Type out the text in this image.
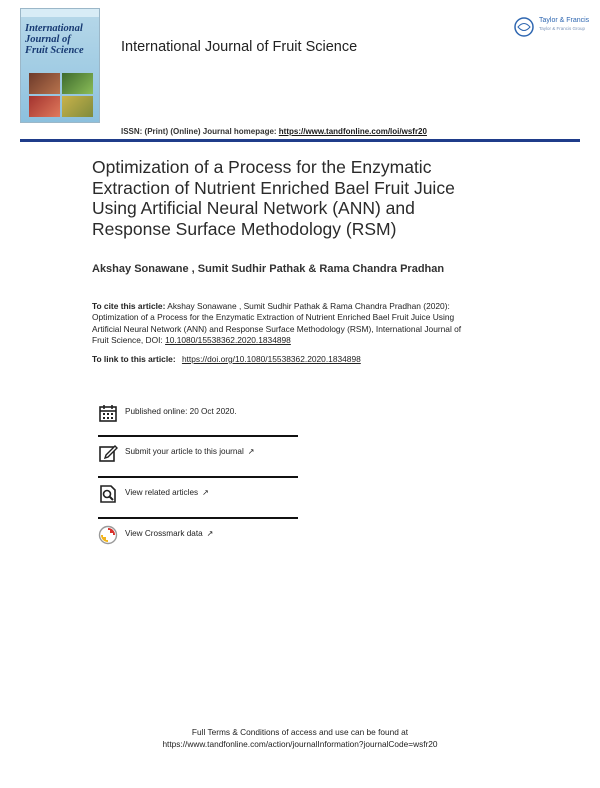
International
Journal of
Fruit Science	International Journal of Fruit Science
Taylor & Francis
Taylor & Francis Group
ISSN: (Print) (Online) Journal homepage: https://www.tandfonline.com/loi/wsfr20
Optimization of a Process for the Enzymatic
Extraction of Nutrient Enriched Bael Fruit Juice
Using Artificial Neural Network (ANN) and
Response Surface Methodology (RSM)
Akshay Sonawane , Sumit Sudhir Pathak & Rama Chandra Pradhan
To cite this article: Akshay Sonawane , Sumit Sudhir Pathak & Rama Chandra Pradhan (2020):
Optimization of a Process for the Enzymatic Extraction of Nutrient Enriched Bael Fruit Juice Using
Artificial Neural Network (ANN) and Response Surface Methodology (RSM), International Journal of
Fruit Science, DOI: 10.1080/15538362.2020.1834898
To link to this article: https://doi.org/10.1080/15538362.2020.1834898
Published online: 20 Oct 2020.
Submit your article to this journal ↗
View related articles ↗
View Crossmark data ↗
Full Terms & Conditions of access and use can be found at
https://www.tandfonline.com/action/journalInformation?journalCode=wsfr20
